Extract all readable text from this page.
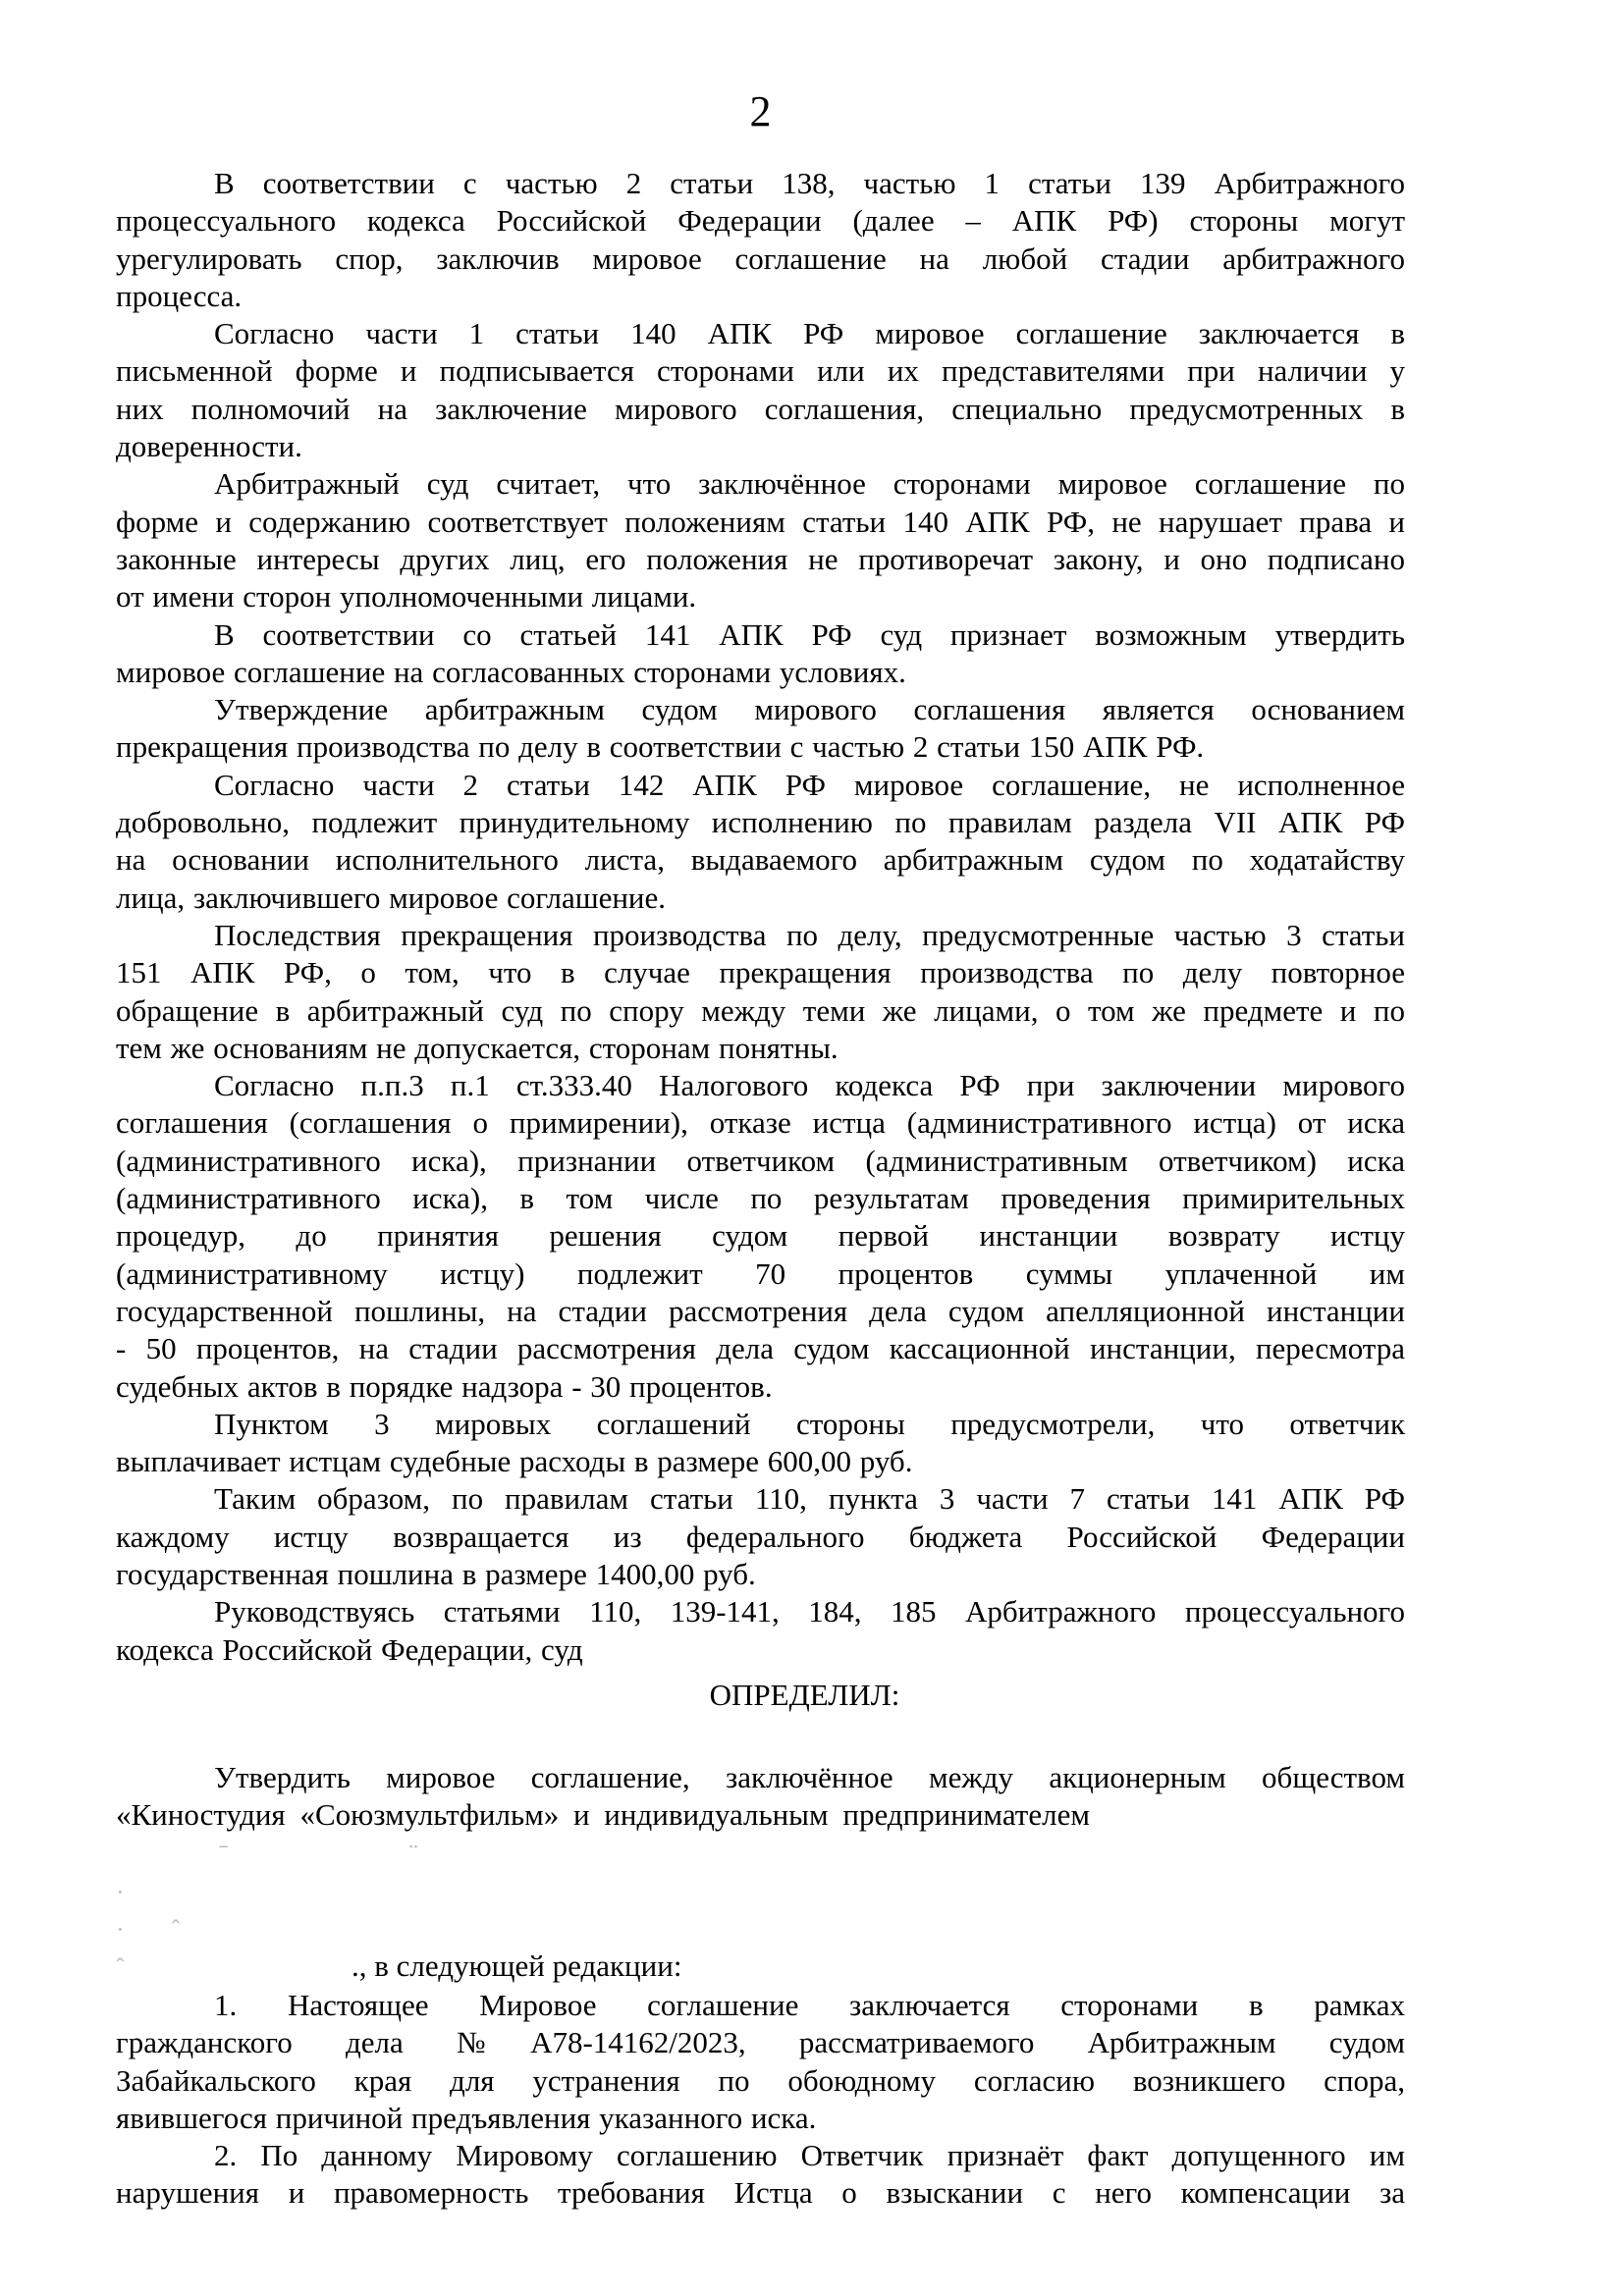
2
В соответствии с частью 2 статьи 138, частью 1 статьи 139 Арбитражного
процессуального кодекса Российской Федерации (далее – АПК РФ) стороны могут
урегулировать спор, заключив мировое соглашение на любой стадии арбитражного
процесса.
Согласно части 1 статьи 140 АПК РФ мировое соглашение заключается в
письменной форме и подписывается сторонами или их представителями при наличии у
них полномочий на заключение мирового соглашения, специально предусмотренных в
доверенности.
Арбитражный суд считает, что заключённое сторонами мировое соглашение по
форме и содержанию соответствует положениям статьи 140 АПК РФ, не нарушает права и
законные интересы других лиц, его положения не противоречат закону, и оно подписано
от имени сторон уполномоченными лицами.
В соответствии со статьей 141 АПК РФ суд признает возможным утвердить
мировое соглашение на согласованных сторонами условиях.
Утверждение арбитражным судом мирового соглашения является основанием
прекращения производства по делу в соответствии с частью 2 статьи 150 АПК РФ.
Согласно части 2 статьи 142 АПК РФ мировое соглашение, не исполненное
добровольно, подлежит принудительному исполнению по правилам раздела VII АПК РФ
на основании исполнительного листа, выдаваемого арбитражным судом по ходатайству
лица, заключившего мировое соглашение.
Последствия прекращения производства по делу, предусмотренные частью 3 статьи
151 АПК РФ, о том, что в случае прекращения производства по делу повторное
обращение в арбитражный суд по спору между теми же лицами, о том же предмете и по
тем же основаниям не допускается, сторонам понятны.
Согласно п.п.3 п.1 ст.333.40 Налогового кодекса РФ при заключении мирового
соглашения (соглашения о примирении), отказе истца (административного истца) от иска
(административного иска), признании ответчиком (административным ответчиком) иска
(административного иска), в том числе по результатам проведения примирительных
процедур, до принятия решения судом первой инстанции возврату истцу
(административному истцу) подлежит 70 процентов суммы уплаченной им
государственной пошлины, на стадии рассмотрения дела судом апелляционной инстанции
- 50 процентов, на стадии рассмотрения дела судом кассационной инстанции, пересмотра
судебных актов в порядке надзора - 30 процентов.
Пунктом 3 мировых соглашений стороны предусмотрели, что ответчик
выплачивает истцам судебные расходы в размере 600,00 руб.
Таким образом, по правилам статьи 110, пункта 3 части 7 статьи 141 АПК РФ
каждому истцу возвращается из федерального бюджета Российской Федерации
государственная пошлина в размере 1400,00 руб.
Руководствуясь статьями 110, 139-141, 184, 185 Арбитражного процессуального
кодекса Российской Федерации, суд
ОПРЕДЕЛИЛ:
Утвердить мировое соглашение, заключённое между акционерным обществом
«Киностудия «Союзмультфильм» и индивидуальным предпринимателемˉ ¨
· ·ˆ ˆ	., в следующей редакции:
1. Настоящее Мировое соглашение заключается сторонами в рамках
гражданского дела №А78-14162/2023, рассматриваемого Арбитражным судом
Забайкальского края для устранения по обоюдному согласию возникшего спора,
явившегося причиной предъявления указанного иска.
2. По данному Мировому соглашению Ответчик признаёт факт допущенного им
нарушения и правомерность требования Истца о взыскании с него компенсации за
